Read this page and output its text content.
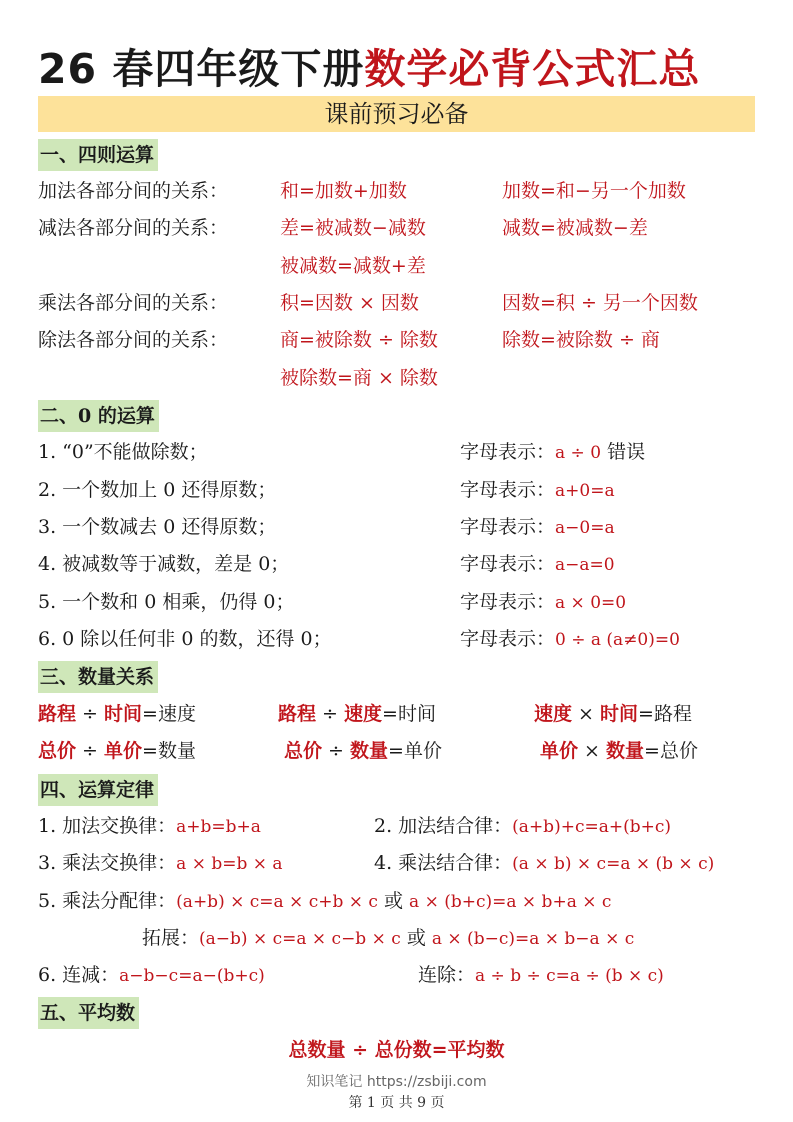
26 春四年级下册数学必背公式汇总
课前预习必备
一、四则运算
加法各部分间的关系：	和=加数+加数	加数=和−另一个加数
减法各部分间的关系：	差=被减数−减数	减数=被减数−差
被减数=减数+差
乘法各部分间的关系：	积=因数 × 因数	因数=积 ÷ 另一个因数
除法各部分间的关系：	商=被除数 ÷ 除数	除数=被除数 ÷ 商
被除数=商 × 除数
二、0 的运算
1. “0”不能做除数；	字母表示：a ÷ 0 错误
2. 一个数加上 0 还得原数；	字母表示：a+0=a
3. 一个数减去 0 还得原数；	字母表示：a−0=a
4. 被减数等于减数，差是 0；	字母表示：a−a=0
5. 一个数和 0 相乘，仍得 0；	字母表示：a × 0=0
6. 0 除以任何非 0 的数，还得 0；	字母表示：0 ÷ a (a≠0)=0
三、数量关系
路程 ÷ 时间=速度	路程 ÷ 速度=时间	速度 × 时间=路程
总价 ÷ 单价=数量	总价 ÷ 数量=单价	单价 × 数量=总价
四、运算定律
1. 加法交换律：a+b=b+a	2. 加法结合律：(a+b)+c=a+(b+c)
3. 乘法交换律：a × b=b × a	4. 乘法结合律：(a × b) × c=a × (b × c)
5. 乘法分配律：(a+b) × c=a × c+b × c 或 a × (b+c)=a × b+a × c
拓展：(a−b) × c=a × c−b × c 或 a × (b−c)=a × b−a × c
6. 连减：a−b−c=a−(b+c)	连除：a ÷ b ÷ c=a ÷ (b × c)
五、平均数
总数量 ÷ 总份数=平均数
知识笔记 https://zsbiji.com
第 1 页 共 9 页
